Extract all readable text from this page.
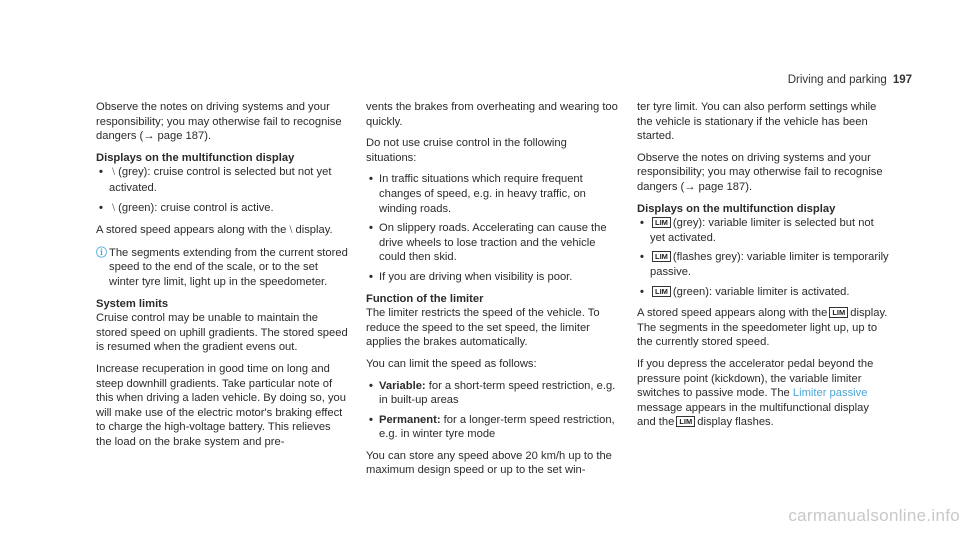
Driving and parking 197

Observe the notes on driving systems and your responsibility; you may otherwise fail to recognise dangers (→ page 187).

Displays on the multifunction display

• ⧵ (grey): cruise control is selected but not yet activated.
• ⧵ (green): cruise control is active.

A stored speed appears along with the ⧵ display.

ⓘ The segments extending from the current stored speed to the end of the scale, or to the set winter tyre limit, light up in the speedometer.

System limits

Cruise control may be unable to maintain the stored speed on uphill gradients. The stored speed is resumed when the gradient evens out.

Increase recuperation in good time on long and steep downhill gradients. Take particular note of this when driving a laden vehicle. By doing so, you will make use of the electric motor's braking effect to charge the high-voltage battery. This relieves the load on the brake system and pre-

vents the brakes from overheating and wearing too quickly.

Do not use cruise control in the following situations:

• In traffic situations which require frequent changes of speed, e.g. in heavy traffic, on winding roads.
• On slippery roads. Accelerating can cause the drive wheels to lose traction and the vehicle could then skid.
• If you are driving when visibility is poor.

Function of the limiter

The limiter restricts the speed of the vehicle. To reduce the speed to the set speed, the limiter applies the brakes automatically.

You can limit the speed as follows:

• Variable: for a short-term speed restriction, e.g. in built-up areas
• Permanent: for a longer-term speed restriction, e.g. in winter tyre mode

You can store any speed above 20 km/h up to the maximum design speed or up to the set win-

ter tyre limit. You can also perform settings while the vehicle is stationary if the vehicle has been started.

Observe the notes on driving systems and your responsibility; you may otherwise fail to recognise dangers (→ page 187).

Displays on the multifunction display

• LIM (grey): variable limiter is selected but not yet activated.
• LIM (flashes grey): variable limiter is temporarily passive.
• LIM (green): variable limiter is activated.

A stored speed appears along with the LIM display. The segments in the speedometer light up, up to the currently stored speed.

If you depress the accelerator pedal beyond the pressure point (kickdown), the variable limiter switches to passive mode. The Limiter passive message appears in the multifunctional display and the LIM display flashes.

carmanualsonline.info
